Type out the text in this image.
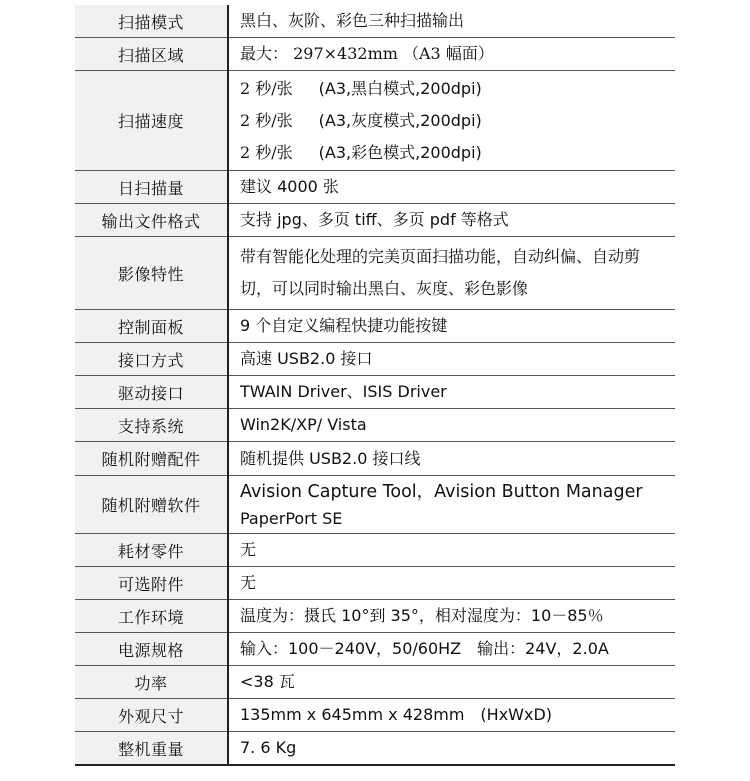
扫描模式	黑白、灰阶、彩色三种扫描输出
扫描区域	最大： 297×432mm （A3 幅面）
扫描速度	2 秒/张 (A3,黑白模式,200dpi)
2 秒/张 (A3,灰度模式,200dpi)
2 秒/张 (A3,彩色模式,200dpi)

日扫描量	建议 4000 张
输出文件格式	支持 jpg、多页 tiff、多页 pdf 等格式
影像特性	带有智能化处理的完美页面扫描功能，自动纠偏、自动剪切，可以同时输出黑白、灰度、彩色影像
控制面板	9 个自定义编程快捷功能按键
接口方式	高速 USB2.0 接口
驱动接口	TWAIN Driver、ISIS Driver
支持系统	Win2K/XP/ Vista
随机附赠配件	随机提供 USB2.0 接口线
随机附赠软件	Avision Capture Tool，Avision Button Manager
PaperPort SE

耗材零件	无
可选附件	无
工作环境	温度为：摄氏 10°到 35°，相对湿度为：10－85％
电源规格	输入：100－240V，50/60HZ　输出：24V，2.0A
功率	<38 瓦
外观尺寸	135mm x 645mm x 428mm　(HxWxD)
整机重量	7. 6 Kg
